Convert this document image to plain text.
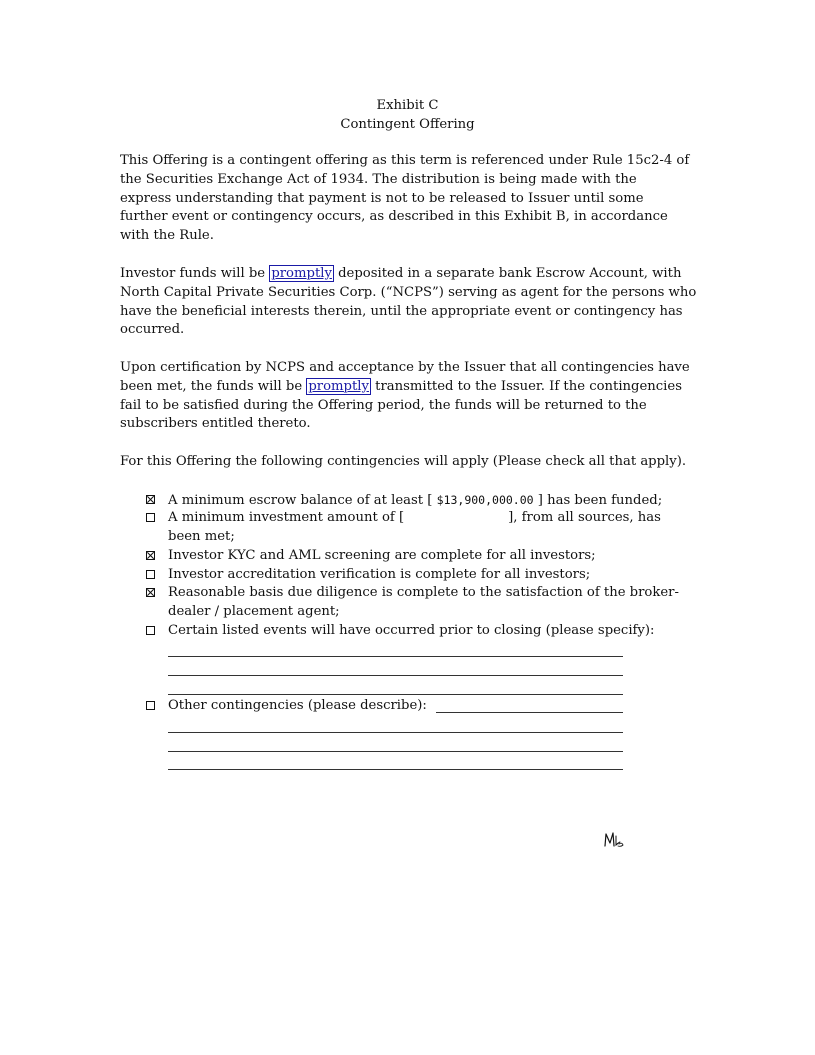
Exhibit C
Contingent Offering
This Offering is a contingent offering as this term is referenced under Rule 15c2-4 of
the Securities Exchange Act of 1934. The distribution is being made with the
express understanding that payment is not to be released to Issuer until some
further event or contingency occurs, as described in this Exhibit B, in accordance
with the Rule.
Investor funds will be promptly deposited in a separate bank Escrow Account, with
North Capital Private Securities Corp. (“NCPS”) serving as agent for the persons who
have the beneficial interests therein, until the appropriate event or contingency has
occurred.
Upon certification by NCPS and acceptance by the Issuer that all contingencies have
been met, the funds will be promptly transmitted to the Issuer. If the contingencies
fail to be satisfied during the Offering period, the funds will be returned to the
subscribers entitled thereto.
For this Offering the following contingencies will apply (Please check all that apply).
A minimum escrow balance of at least [ $13,900,000.00 ] has been funded;
A minimum investment amount of [	], from all sources, has
been met;
Investor KYC and AML screening are complete for all investors;
Investor accreditation verification is complete for all investors;
Reasonable basis due diligence is complete to the satisfaction of the broker-
dealer / placement agent;
Certain listed events will have occurred prior to closing (please specify):
Other contingencies (please describe):
